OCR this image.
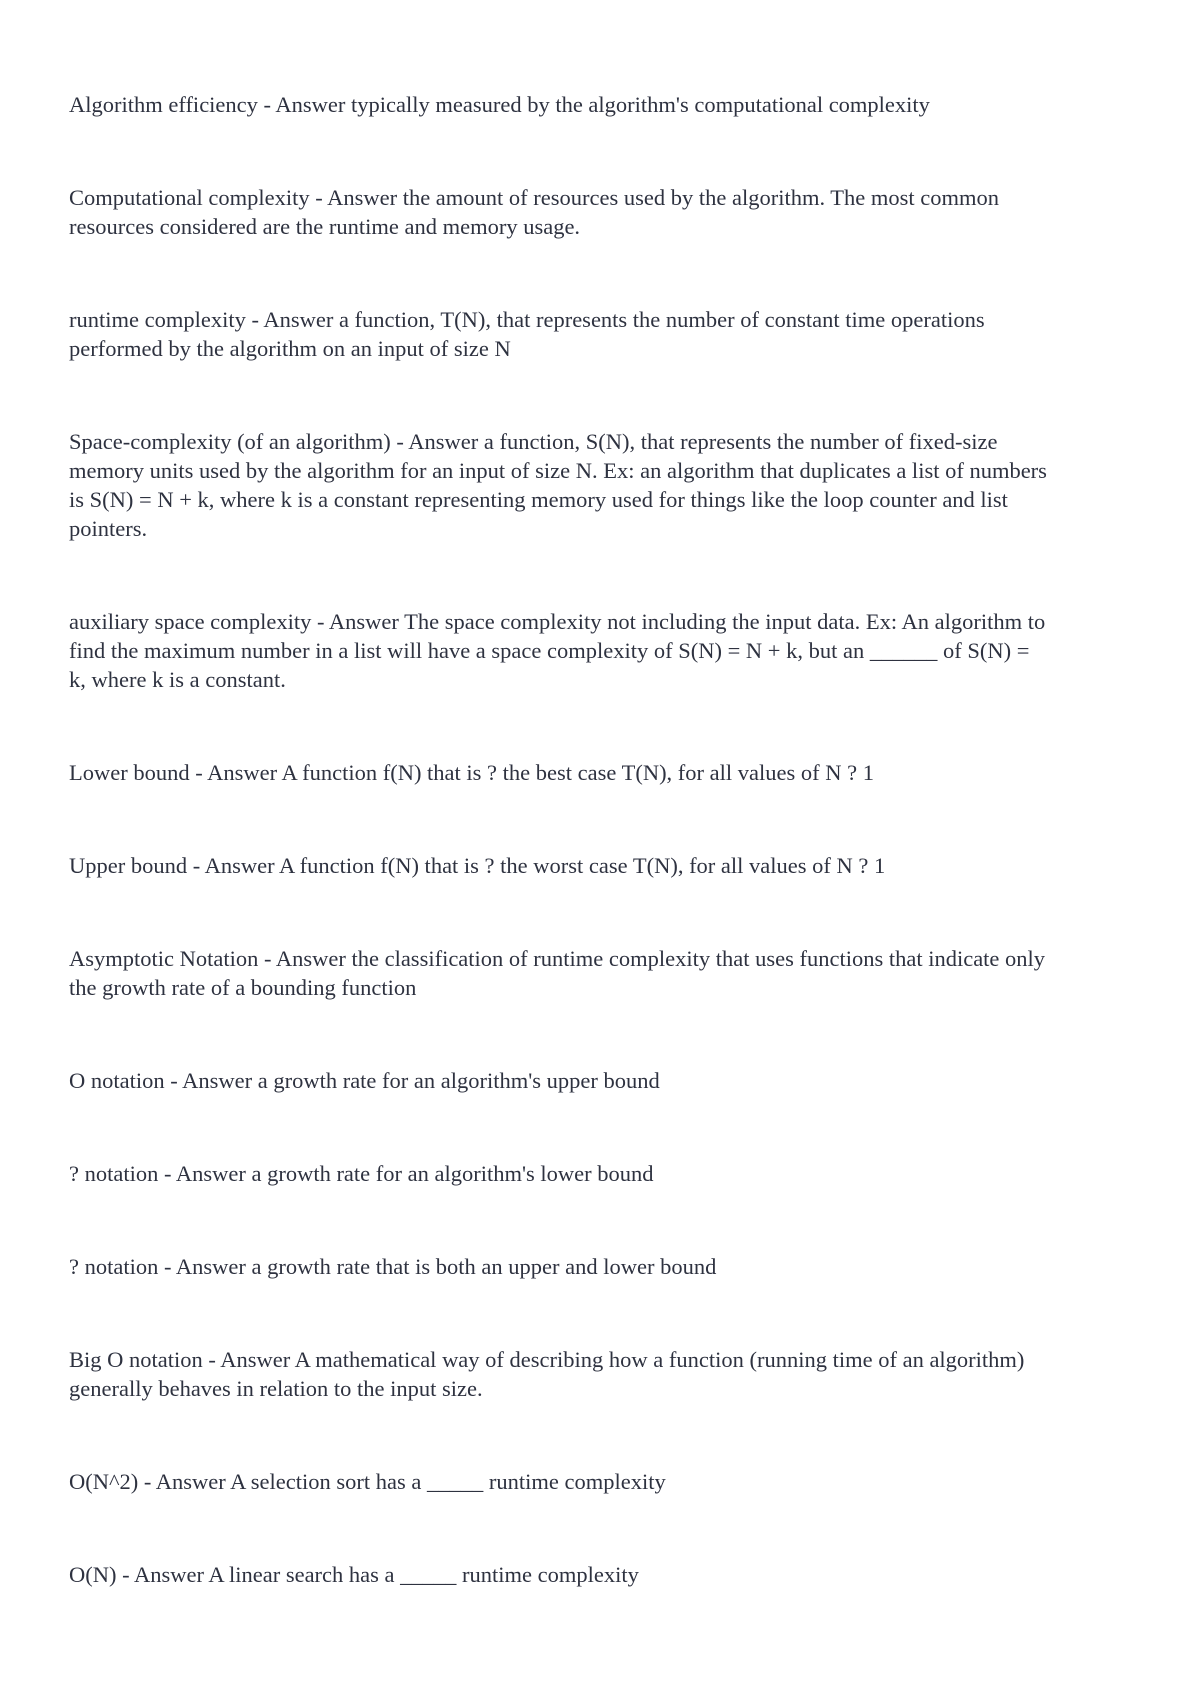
Algorithm efficiency - Answer typically measured by the algorithm's computational complexity
Computational complexity - Answer the amount of resources used by the algorithm. The most common
resources considered are the runtime and memory usage.
runtime complexity - Answer a function, T(N), that represents the number of constant time operations
performed by the algorithm on an input of size N
Space-complexity (of an algorithm) - Answer a function, S(N), that represents the number of fixed-size
memory units used by the algorithm for an input of size N. Ex: an algorithm that duplicates a list of numbers
is S(N) = N + k, where k is a constant representing memory used for things like the loop counter and list
pointers.
auxiliary space complexity - Answer The space complexity not including the input data. Ex: An algorithm to
find the maximum number in a list will have a space complexity of S(N) = N + k, but an ______ of S(N) =
k, where k is a constant.
Lower bound - Answer A function f(N) that is ? the best case T(N), for all values of N ? 1
Upper bound - Answer A function f(N) that is ? the worst case T(N), for all values of N ? 1
Asymptotic Notation - Answer the classification of runtime complexity that uses functions that indicate only
the growth rate of a bounding function
O notation - Answer a growth rate for an algorithm's upper bound
? notation - Answer a growth rate for an algorithm's lower bound
? notation - Answer a growth rate that is both an upper and lower bound
Big O notation - Answer A mathematical way of describing how a function (running time of an algorithm)
generally behaves in relation to the input size.
O(N^2) - Answer A selection sort has a _____ runtime complexity
O(N) - Answer A linear search has a _____ runtime complexity
